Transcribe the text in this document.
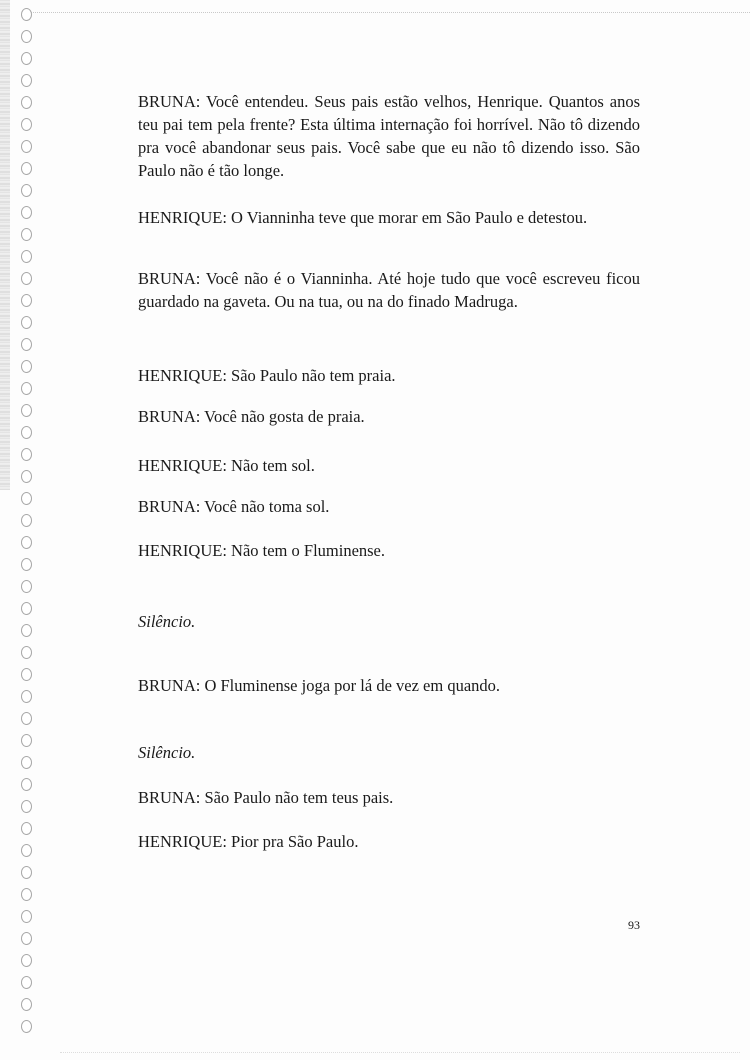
BRUNA: Você entendeu. Seus pais estão velhos, Henrique. Quantos anos teu pai tem pela frente? Esta última internação foi horrível. Não tô dizendo pra você abandonar seus pais. Você sabe que eu não tô dizendo isso. São Paulo não é tão longe.

HENRIQUE: O Vianninha teve que morar em São Paulo e detestou.

BRUNA: Você não é o Vianninha. Até hoje tudo que você escreveu ficou guardado na gaveta. Ou na tua, ou na do finado Madruga.

HENRIQUE: São Paulo não tem praia.

BRUNA: Você não gosta de praia.

HENRIQUE: Não tem sol.

BRUNA: Você não toma sol.

HENRIQUE: Não tem o Fluminense.

Silêncio.

BRUNA: O Fluminense joga por lá de vez em quando.

Silêncio.

BRUNA: São Paulo não tem teus pais.

HENRIQUE: Pior pra São Paulo.

93
